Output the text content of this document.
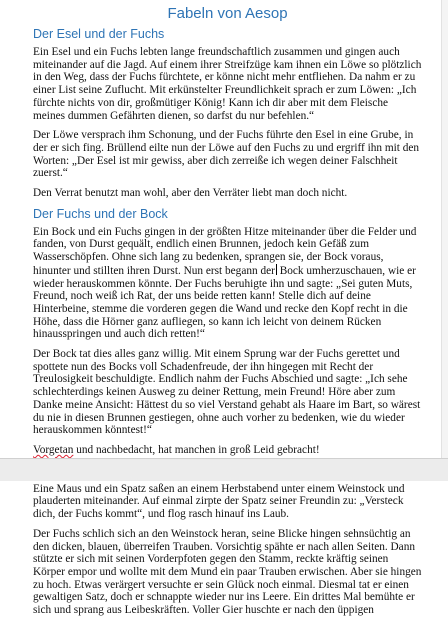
Fabeln von Aesop
Der Esel und der Fuchs

Ein Esel und ein Fuchs lebten lange freundschaftlich zusammen und gingen auch miteinander auf die Jagd. Auf einem ihrer Streifzüge kam ihnen ein Löwe so plötzlich in den Weg, dass der Fuchs fürchtete, er könne nicht mehr entfliehen. Da nahm er zu einer List seine Zuflucht. Mit erkünstelter Freundlichkeit sprach er zum Löwen: „Ich fürchte nichts von dir, großmütiger König! Kann ich dir aber mit dem Fleische meines dummen Gefährten dienen, so darfst du nur befehlen.“

Der Löwe versprach ihm Schonung, und der Fuchs führte den Esel in eine Grube, in der er sich fing. Brüllend eilte nun der Löwe auf den Fuchs zu und ergriff ihn mit den Worten: „Der Esel ist mir gewiss, aber dich zerreiße ich wegen deiner Falschheit zuerst.“

Den Verrat benutzt man wohl, aber den Verräter liebt man doch nicht.

Der Fuchs und der Bock

Ein Bock und ein Fuchs gingen in der größten Hitze miteinander über die Felder und fanden, von Durst gequält, endlich einen Brunnen, jedoch kein Gefäß zum Wasserschöpfen. Ohne sich lang zu bedenken, sprangen sie, der Bock voraus, hinunter und stillten ihren Durst. Nun erst begann der Bock umherzuschauen, wie er wieder herauskommen könnte. Der Fuchs beruhigte ihn und sagte: „Sei guten Muts, Freund, noch weiß ich Rat, der uns beide retten kann! Stelle dich auf deine Hinterbeine, stemme die vorderen gegen die Wand und recke den Kopf recht in die Höhe, dass die Hörner ganz aufliegen, so kann ich leicht von deinem Rücken hinausspringen und auch dich retten!“

Der Bock tat dies alles ganz willig. Mit einem Sprung war der Fuchs gerettet und spottete nun des Bocks voll Schadenfreude, der ihn hingegen mit Recht der Treulosigkeit beschuldigte. Endlich nahm der Fuchs Abschied und sagte: „Ich sehe schlechterdings keinen Ausweg zu deiner Rettung, mein Freund! Höre aber zum Danke meine Ansicht: Hättest du so viel Verstand gehabt als Haare im Bart, so wärest du nie in diesen Brunnen gestiegen, ohne auch vorher zu bedenken, wie du wieder herauskommen könntest!“

Vorgetan und nachbedacht, hat manchen in groß Leid gebracht!

Eine Maus und ein Spatz saßen an einem Herbstabend unter einem Weinstock und plauderten miteinander. Auf einmal zirpte der Spatz seiner Freundin zu: „Versteck dich, der Fuchs kommt“, und flog rasch hinauf ins Laub.

Der Fuchs schlich sich an den Weinstock heran, seine Blicke hingen sehnsüchtig an den dicken, blauen, überreifen Trauben. Vorsichtig spähte er nach allen Seiten. Dann stützte er sich mit seinen Vorderpfoten gegen den Stamm, reckte kräftig seinen Körper empor und wollte mit dem Mund ein paar Trauben erwischen. Aber sie hingen zu hoch. Etwas verärgert versuchte er sein Glück noch einmal. Diesmal tat er einen gewaltigen Satz, doch er schnappte wieder nur ins Leere. Ein drittes Mal bemühte er sich und sprang aus Leibeskräften. Voller Gier huschte er nach den üppigen
